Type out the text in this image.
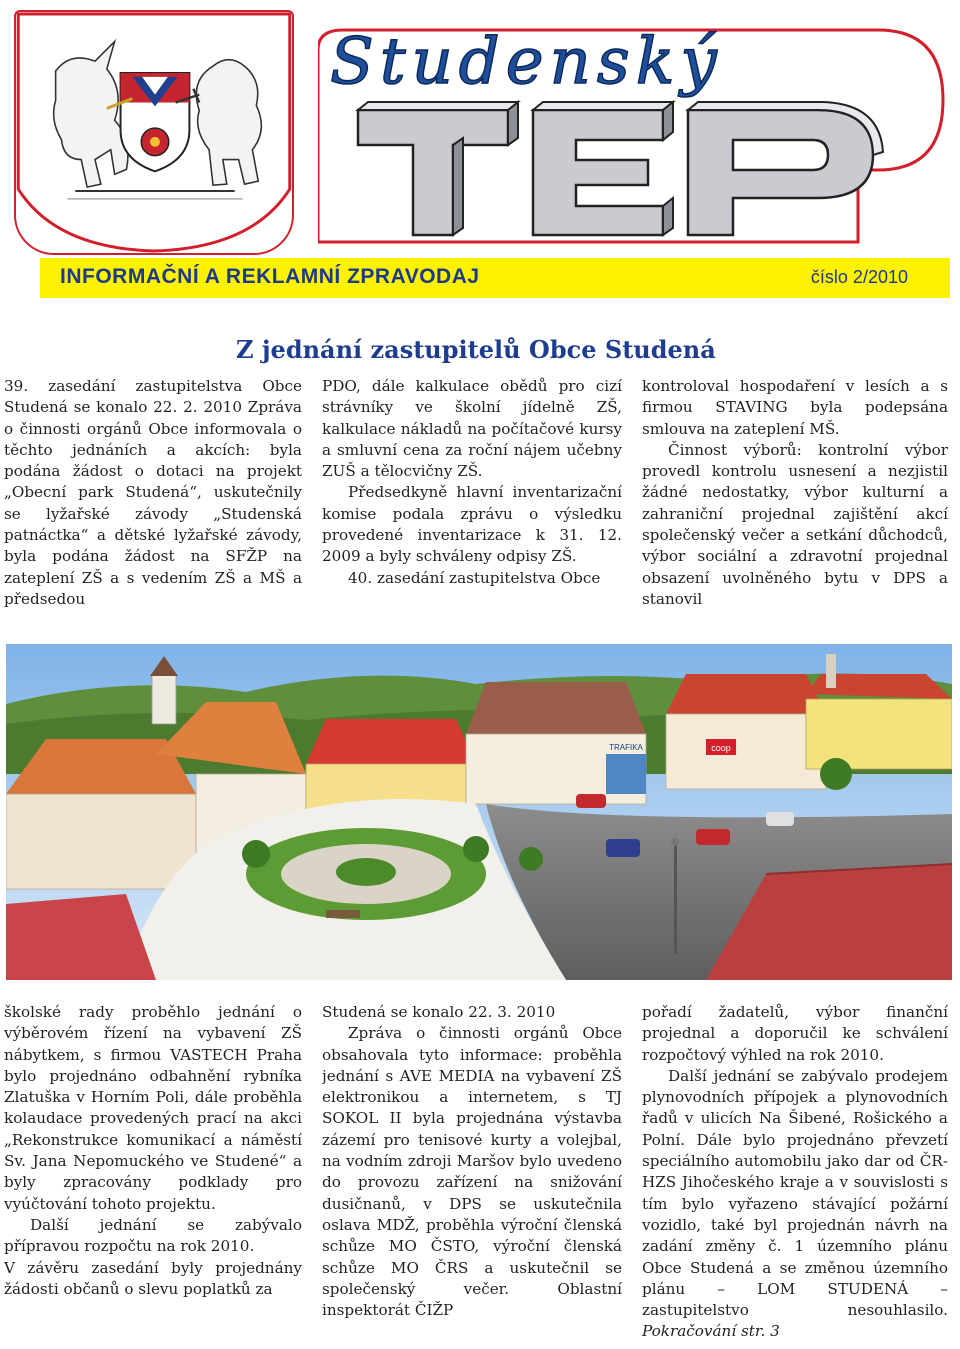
Studenský
INFORMAČNÍ A REKLAMNÍ ZPRAVODAJ	číslo 2/2010
Z jednání zastupitelů Obce Studená

39. zasedání zastupitelstva Obce Studená se konalo 22. 2. 2010 Zpráva o činnosti orgánů Obce informovala o těchto jednáních a akcích: byla podána žádost o dotaci na projekt „Obecní park Studená“, uskutečnily se lyžařské závody „Studenská patnáctka“ a dětské lyžařské závody, byla podána žádost na SFŽP na zateplení ZŠ a s vedením ZŠ a MŠ a předsedou

PDO, dále kalkulace obědů pro cizí strávníky ve školní jídelně ZŠ, kalkulace nákladů na počítačové kursy a smluvní cena za roční nájem učebny ZUŠ a tělocvičny ZŠ.

Předsedkyně hlavní inventarizační komise podala zprávu o výsledku provedené inventarizace k 31. 12. 2009 a byly schváleny odpisy ZŠ.

40. zasedání zastupitelstva Obce

kontroloval hospodaření v lesích a s firmou STAVING byla podepsána smlouva na zateplení MŠ.

Činnost výborů: kontrolní výbor provedl kontrolu usnesení a nezjistil žádné nedostatky, výbor kulturní a zahraniční projednal zajištění akcí společenský večer a setkání důchodců, výbor sociální a zdravotní projednal obsazení uvolněného bytu v DPS a stanovil

TRAFIKA	coop

školské rady proběhlo jednání o výběrovém řízení na vybavení ZŠ nábytkem, s firmou VASTECH Praha bylo projednáno odbahnění rybníka Zlatuška v Horním Poli, dále proběhla kolaudace provedených prací na akci „Rekonstrukce komunikací a náměstí Sv. Jana Nepomuckého ve Studené“ a byly zpracovány podklady pro vyúčtování tohoto projektu.

Další jednání se zabývalo přípravou rozpočtu na rok 2010.

V závěru zasedání byly projednány žádosti občanů o slevu poplatků za

Studená se konalo 22. 3. 2010

Zpráva o činnosti orgánů Obce obsahovala tyto informace: proběhla jednání s AVE MEDIA na vybavení ZŠ elektronikou a internetem, s TJ SOKOL II byla projednána výstavba zázemí pro tenisové kurty a volejbal, na vodním zdroji Maršov bylo uvedeno do provozu zařízení na snižování dusičnanů, v DPS se uskutečnila oslava MDŽ, proběhla výroční členská schůze MO ČSTO, výroční členská schůze MO ČRS a uskutečnil se společenský večer. Oblastní inspektorát ČIŽP

pořadí žadatelů, výbor finanční projednal a doporučil ke schválení rozpočtový výhled na rok 2010.

Další jednání se zabývalo prodejem plynovodních přípojek a plynovodních řadů v ulicích Na Šibené, Rošického a Polní. Dále bylo projednáno převzetí speciálního automobilu jako dar od ČR-HZS Jihočeského kraje a v souvislosti s tím bylo vyřazeno stávající požární vozidlo, také byl projednán návrh na zadání změny č. 1 územního plánu Obce Studená a se změnou územního plánu – LOM STUDENÁ – zastupitelstvo nesouhlasilo. Pokračování str. 3
